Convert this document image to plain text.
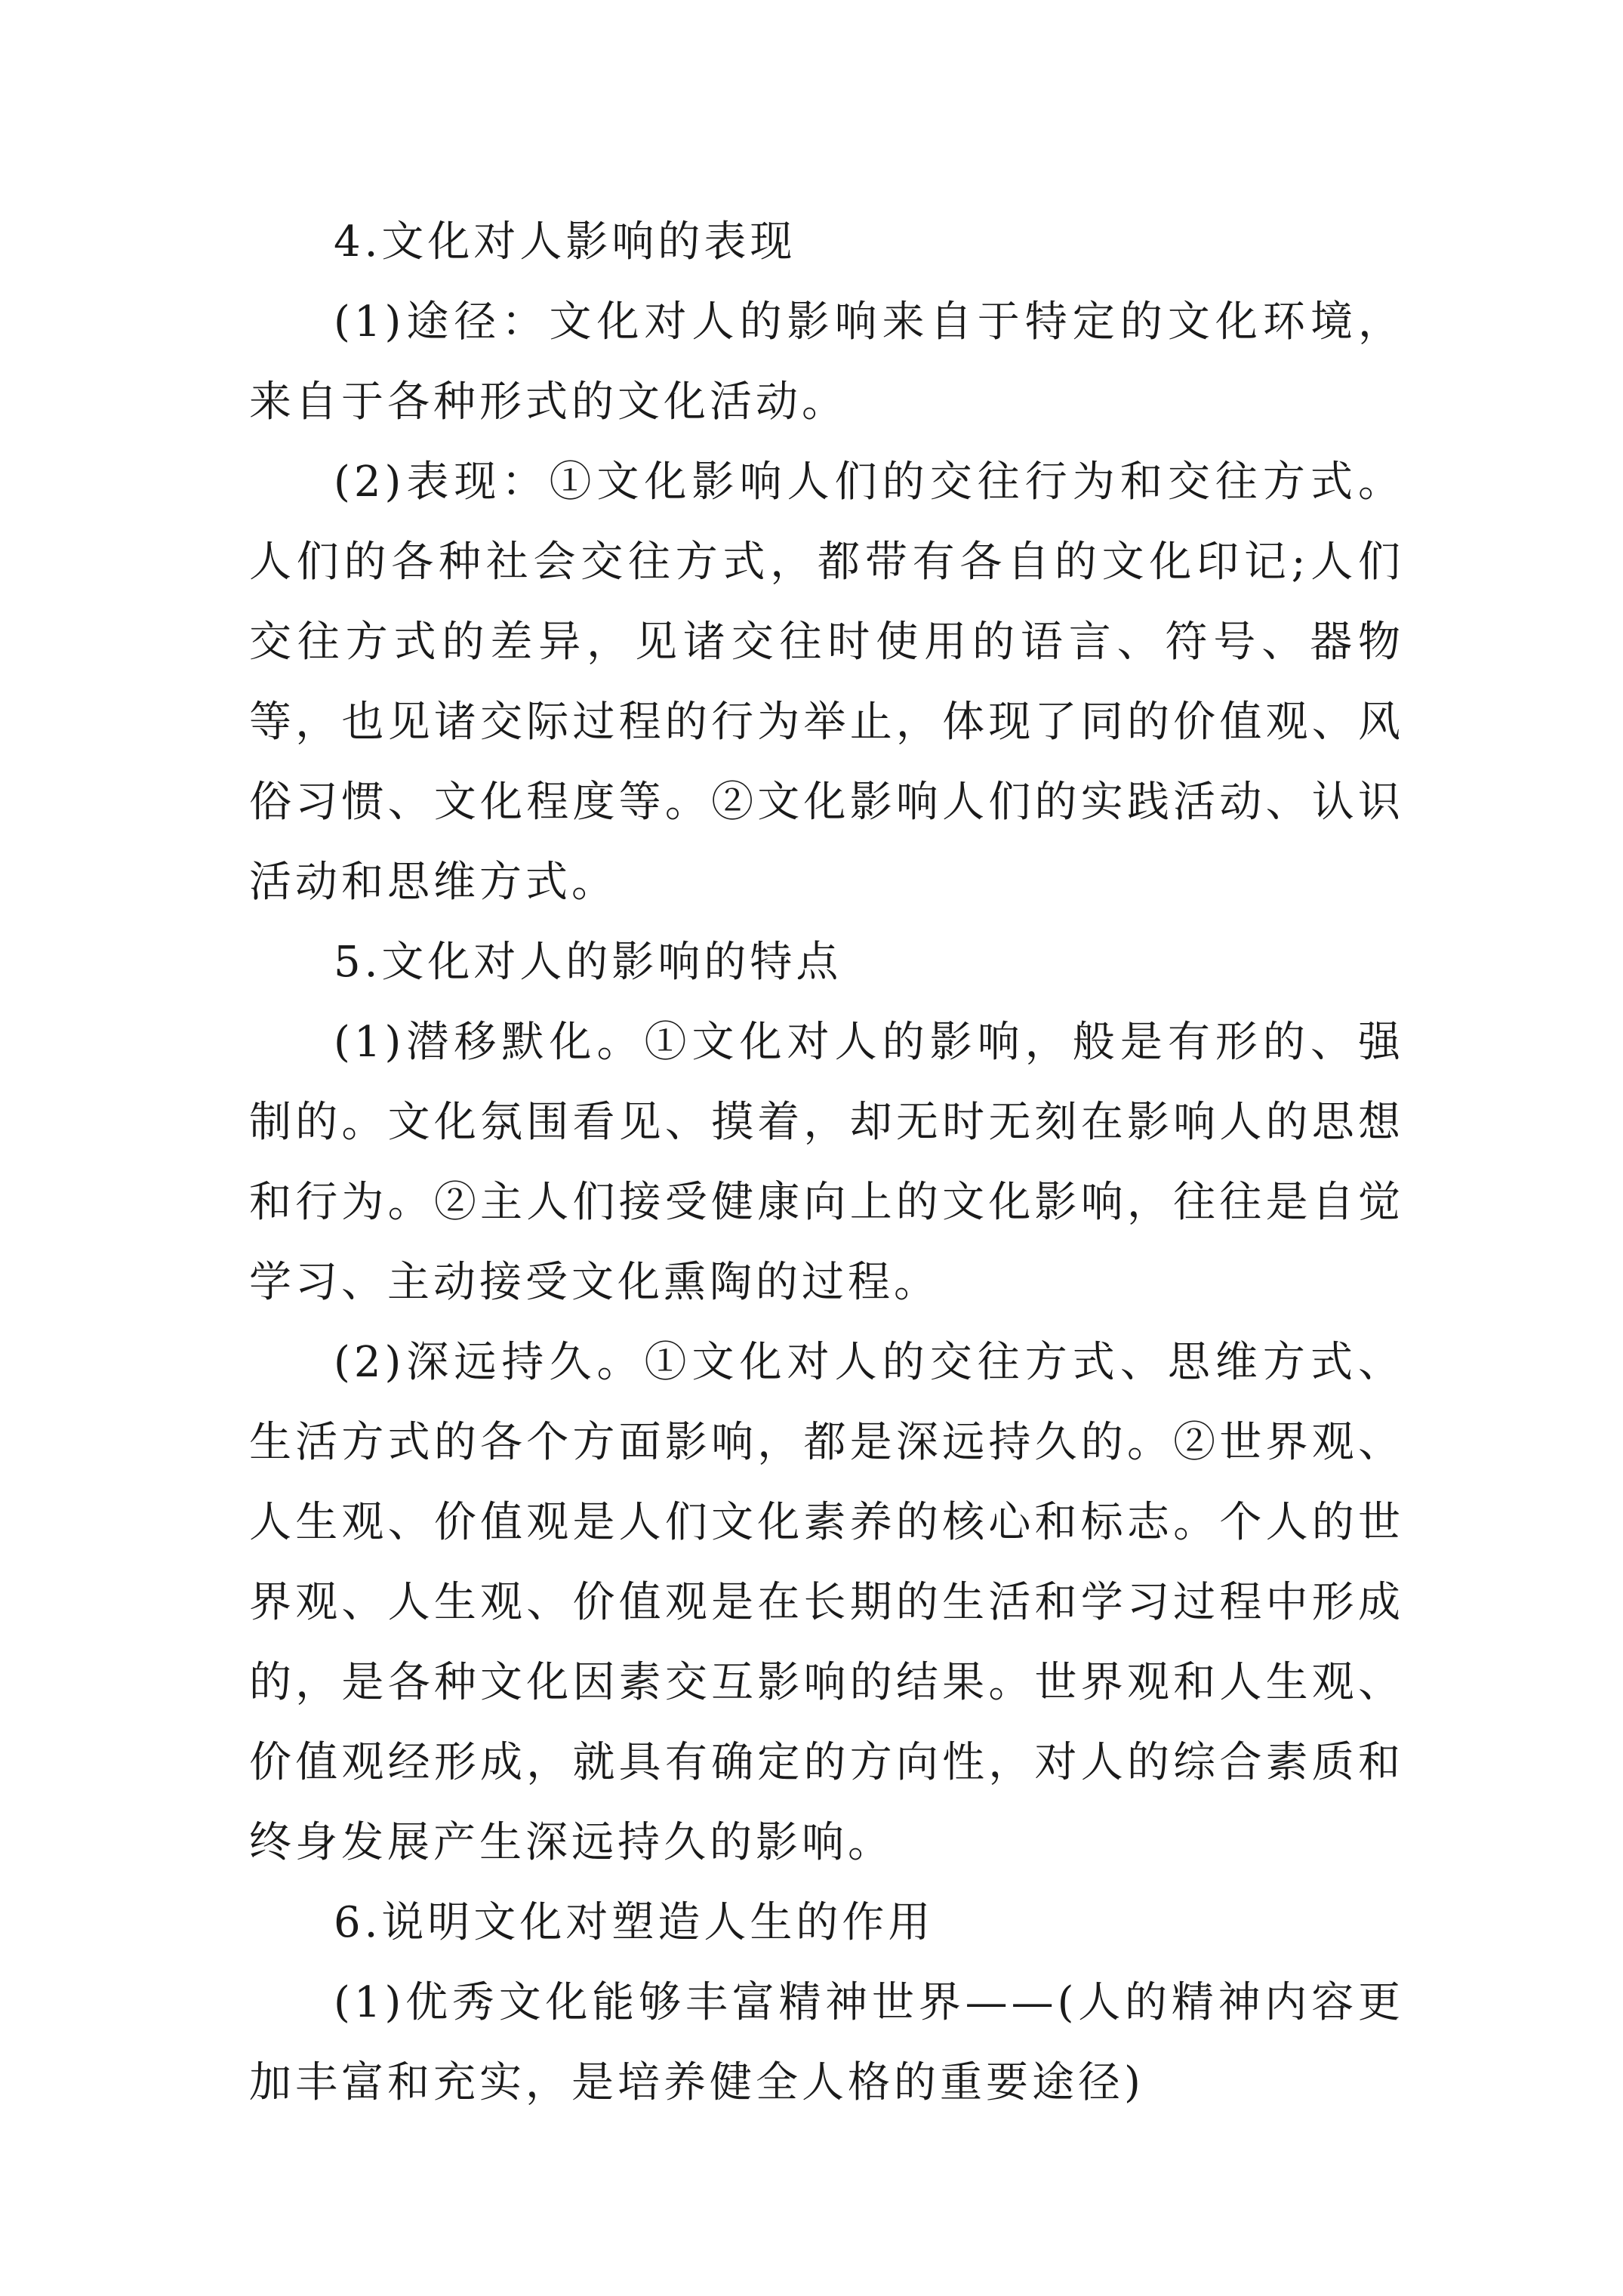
4.文化对人影响的表现

(1)途径：文化对人的影响来自于特定的文化环境，来自于各种形式的文化活动。

(2)表现：①文化影响人们的交往行为和交往方式。人们的各种社会交往方式，都带有各自的文化印记;人们交往方式的差异，见诸交往时使用的语言、符号、器物等，也见诸交际过程的行为举止，体现了同的价值观、风俗习惯、文化程度等。②文化影响人们的实践活动、认识活动和思维方式。

5.文化对人的影响的特点

(1)潜移默化。①文化对人的影响，般是有形的、强制的。文化氛围看见、摸着，却无时无刻在影响人的思想和行为。②主人们接受健康向上的文化影响，往往是自觉学习、主动接受文化熏陶的过程。

(2)深远持久。①文化对人的交往方式、思维方式、生活方式的各个方面影响，都是深远持久的。②世界观、人生观、价值观是人们文化素养的核心和标志。个人的世界观、人生观、价值观是在长期的生活和学习过程中形成的，是各种文化因素交互影响的结果。世界观和人生观、价值观经形成，就具有确定的方向性，对人的综合素质和终身发展产生深远持久的影响。

6.说明文化对塑造人生的作用

(1)优秀文化能够丰富精神世界——(人的精神内容更加丰富和充实，是培养健全人格的重要途径)
